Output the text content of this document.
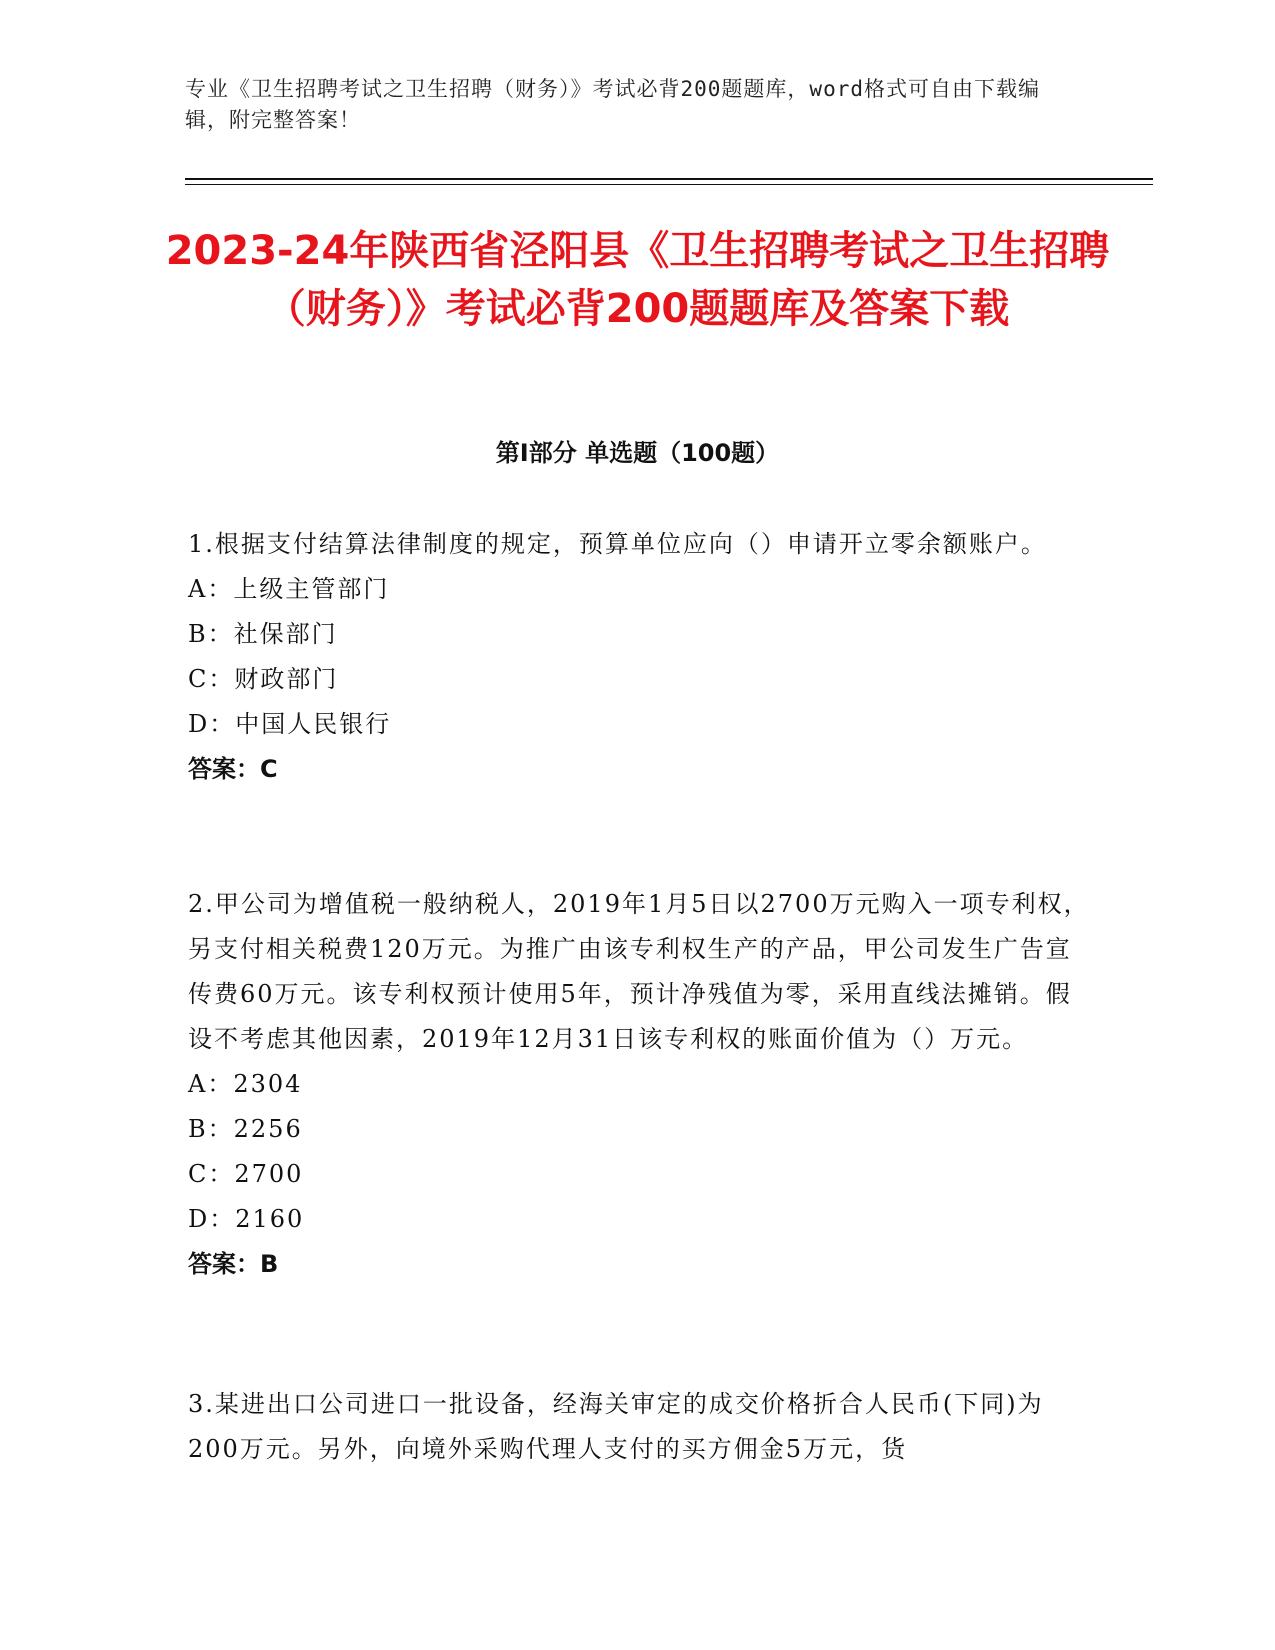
专业《卫生招聘考试之卫生招聘（财务）》考试必背200题题库，word格式可自由下载编辑，附完整答案！
2023-24年陕西省泾阳县《卫生招聘考试之卫生招聘（财务）》考试必背200题题库及答案下载
第I部分 单选题（100题）

1.根据支付结算法律制度的规定，预算单位应向（）申请开立零余额账户。

A：上级主管部门

B：社保部门

C：财政部门

D：中国人民银行

答案：C

2.甲公司为增值税一般纳税人，2019年1月5日以2700万元购入一项专利权，另支付相关税费120万元。为推广由该专利权生产的产品，甲公司发生广告宣传费60万元。该专利权预计使用5年，预计净残值为零，采用直线法摊销。假设不考虑其他因素，2019年12月31日该专利权的账面价值为（）万元。

A：2304

B：2256

C：2700

D：2160

答案：B

3.某进出口公司进口一批设备，经海关审定的成交价格折合人民币(下同)为200万元。另外，向境外采购代理人支付的买方佣金5万元，货
